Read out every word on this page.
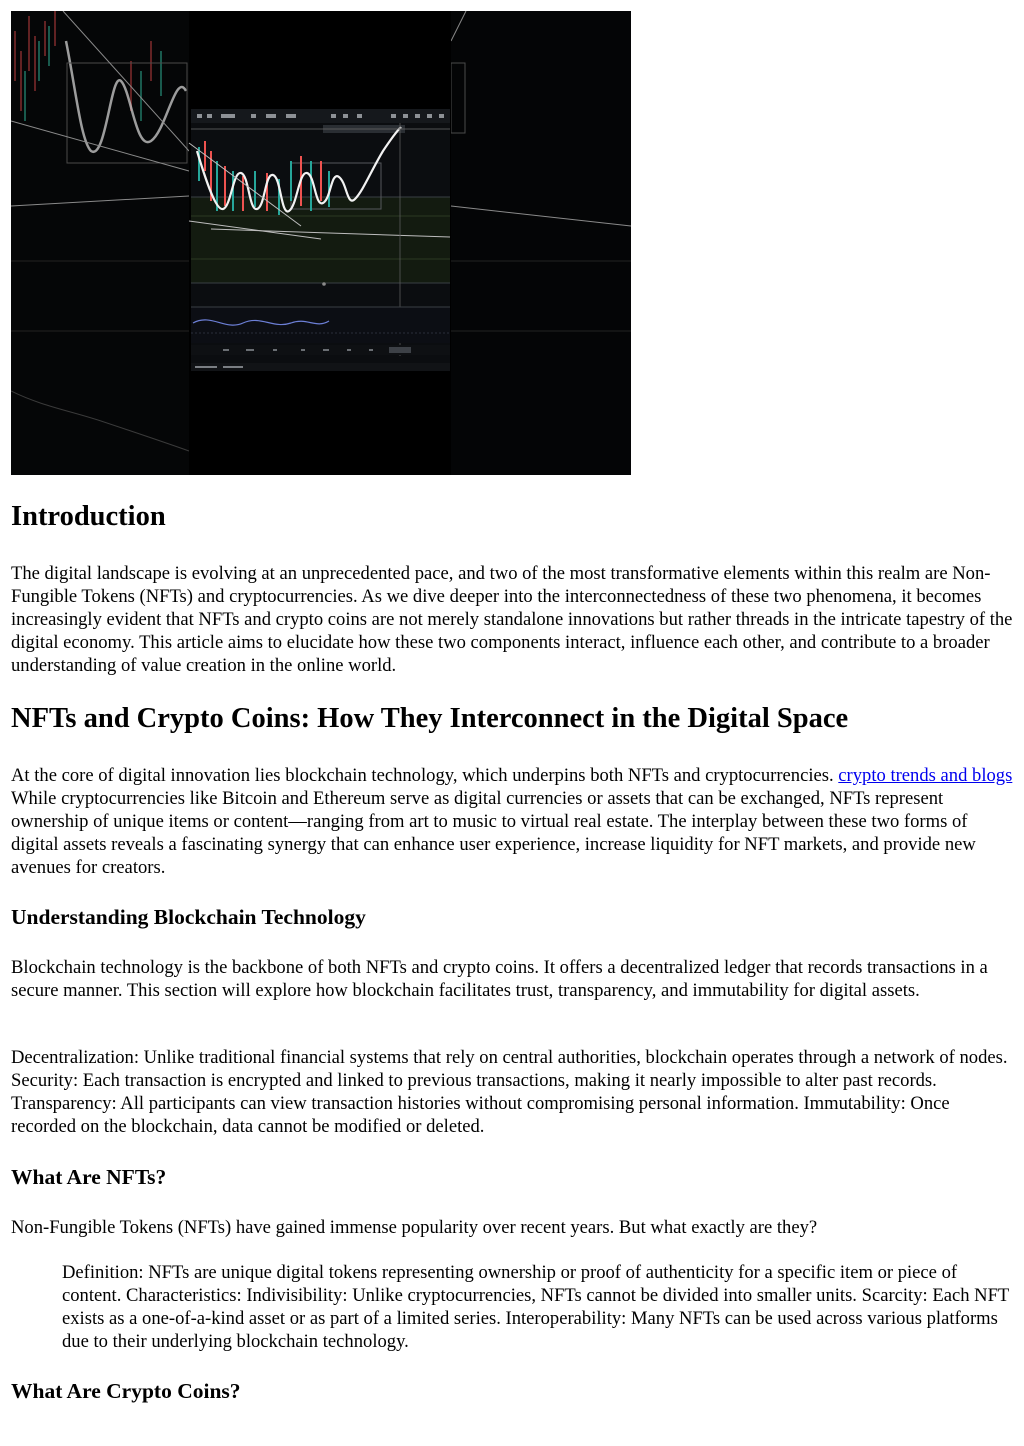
Introduction

The digital landscape is evolving at an unprecedented pace, and two of the most transformative elements within this realm are Non-Fungible Tokens (NFTs) and cryptocurrencies. As we dive deeper into the interconnectedness of these two phenomena, it becomes increasingly evident that NFTs and crypto coins are not merely standalone innovations but rather threads in the intricate tapestry of the digital economy. This article aims to elucidate how these two components interact, influence each other, and contribute to a broader understanding of value creation in the online world.

NFTs and Crypto Coins: How They Interconnect in the Digital Space

At the core of digital innovation lies blockchain technology, which underpins both NFTs and cryptocurrencies. crypto trends and blogs While cryptocurrencies like Bitcoin and Ethereum serve as digital currencies or assets that can be exchanged, NFTs represent ownership of unique items or content—ranging from art to music to virtual real estate. The interplay between these two forms of digital assets reveals a fascinating synergy that can enhance user experience, increase liquidity for NFT markets, and provide new avenues for creators.

Understanding Blockchain Technology

Blockchain technology is the backbone of both NFTs and crypto coins. It offers a decentralized ledger that records transactions in a secure manner. This section will explore how blockchain facilitates trust, transparency, and immutability for digital assets.

Decentralization: Unlike traditional financial systems that rely on central authorities, blockchain operates through a network of nodes. Security: Each transaction is encrypted and linked to previous transactions, making it nearly impossible to alter past records. Transparency: All participants can view transaction histories without compromising personal information. Immutability: Once recorded on the blockchain, data cannot be modified or deleted.

What Are NFTs?

Non-Fungible Tokens (NFTs) have gained immense popularity over recent years. But what exactly are they?

Definition: NFTs are unique digital tokens representing ownership or proof of authenticity for a specific item or piece of content. Characteristics: Indivisibility: Unlike cryptocurrencies, NFTs cannot be divided into smaller units. Scarcity: Each NFT exists as a one-of-a-kind asset or as part of a limited series. Interoperability: Many NFTs can be used across various platforms due to their underlying blockchain technology.

What Are Crypto Coins?
